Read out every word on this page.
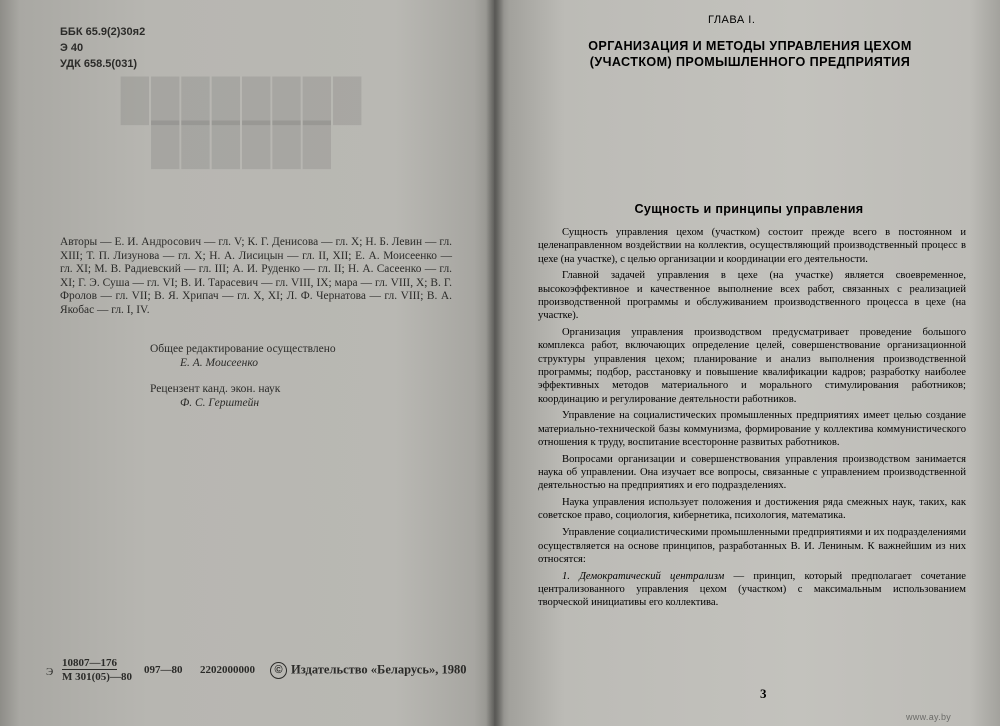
ББК 65.9(2)30я2
Э 40
УДК 658.5(031)
████████
██████
Авторы — Е. И. Андросович — гл. V; К. Г. Денисова — гл. X; Н. Б. Левин — гл. XIII; Т. П. Лизунова — гл. X; Н. А. Лисицын — гл. II, XII; Е. А. Моисеенко — гл. XI; М. В. Радиевский — гл. III; А. И. Руденко — гл. II; Н. А. Сасеенко — гл. XI; Г. Э. Суша — гл. VI; В. И. Тарасевич — гл. VIII, IX; мара — гл. VIII, X; В. Г. Фролов — гл. VII; В. Я. Хрипач — гл. X, XI; Л. Ф. Чернатова — гл. VIII; В. А. Якобас — гл. I, IV.
Общее редактирование осуществлено
Е. А. Моисеенко
Рецензент канд. экон. наук
Ф. С. Герштейн
Э
10807—176
М 301(05)—80
097—80 2202000000	© Издательство «Беларусь», 1980
ГЛАВА I.
ОРГАНИЗАЦИЯ И МЕТОДЫ УПРАВЛЕНИЯ ЦЕХОМ
(УЧАСТКОМ) ПРОМЫШЛЕННОГО ПРЕДПРИЯТИЯ
Сущность и принципы управления

Сущность управления цехом (участком) состоит прежде всего в постоянном и целенаправленном воздействии на коллектив, осуществляющий производственный процесс в цехе (на участке), с целью организации и координации его деятельности.

Главной задачей управления в цехе (на участке) является своевременное, высокоэффективное и качественное выполнение всех работ, связанных с реализацией производственной программы и обслуживанием производственного процесса в цехе (на участке).

Организация управления производством предусматривает проведение большого комплекса работ, включающих определение целей, совершенствование организационной структуры управления цехом; планирование и анализ выполнения производственной программы; подбор, расстановку и повышение квалификации кадров; разработку наиболее эффективных методов материального и морального стимулирования работников; координацию и регулирование деятельности работников.

Управление на социалистических промышленных предприятиях имеет целью создание материально-технической базы коммунизма, формирование у коллектива коммунистического отношения к труду, воспитание всесторонне развитых работников.

Вопросами организации и совершенствования управления производством занимается наука об управлении. Она изучает все вопросы, связанные с управлением производственной деятельностью на предприятиях и его подразделениях.

Наука управления использует положения и достижения ряда смежных наук, таких, как советское право, социология, кибернетика, психология, математика.

Управление социалистическими промышленными предприятиями и их подразделениями осуществляется на основе принципов, разработанных В. И. Лениным. К важнейшим из них относятся:

1. Демократический централизм — принцип, который предполагает сочетание централизованного управления цехом (участком) с максимальным использованием творческой инициативы его коллектива.

3
www.ay.by
